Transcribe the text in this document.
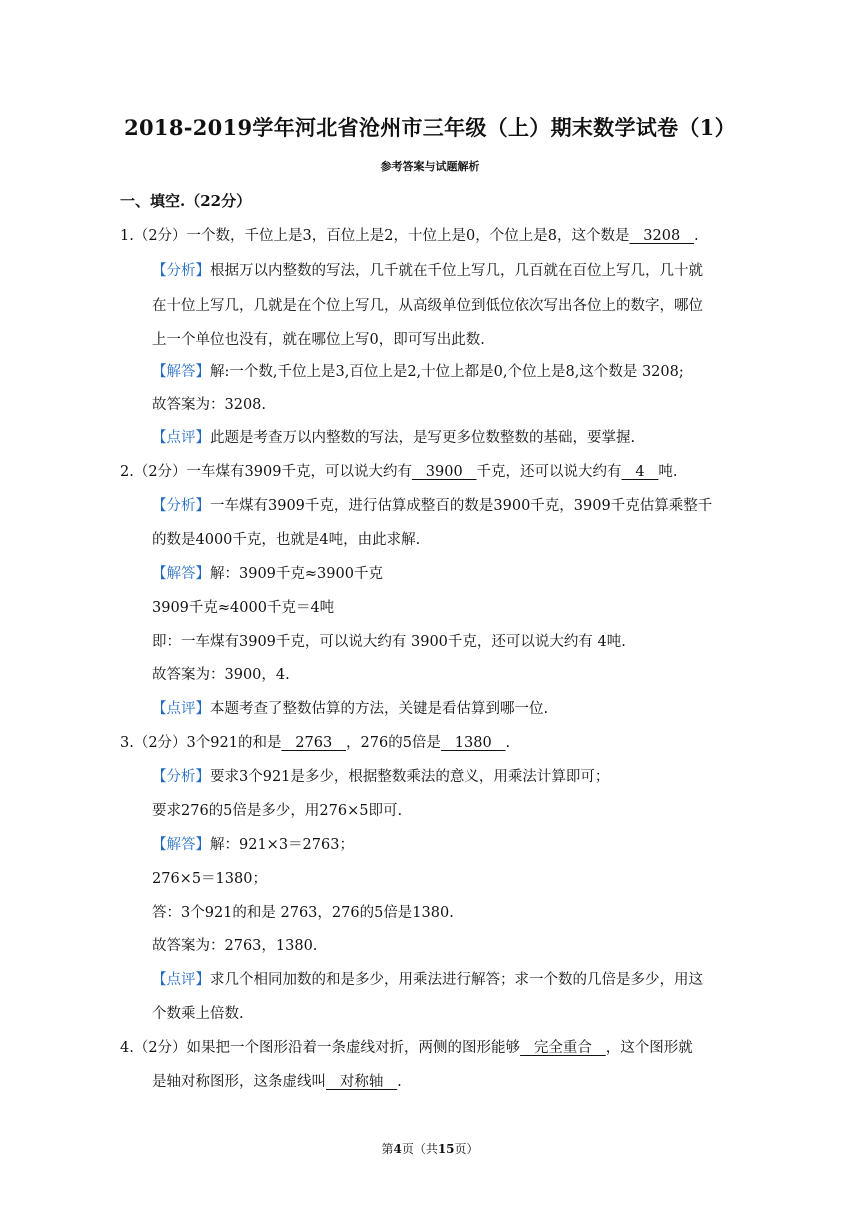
2018-2019学年河北省沧州市三年级（上）期末数学试卷（1）
参考答案与试题解析
一、填空.（22分）
1.（2分）一个数，千位上是3，百位上是2，十位上是0，个位上是8，这个数是   3208   .
【分析】根据万以内整数的写法，几千就在千位上写几，几百就在百位上写几，几十就
在十位上写几，几就是在个位上写几，从高级单位到低位依次写出各位上的数字，哪位
上一个单位也没有，就在哪位上写0，即可写出此数.
【解答】解:一个数,千位上是3,百位上是2,十位上都是0,个位上是8,这个数是 3208;
故答案为：3208.
【点评】此题是考查万以内整数的写法，是写更多位数整数的基础，要掌握.
2.（2分）一车煤有3909千克，可以说大约有   3900   千克，还可以说大约有   4   吨.
【分析】一车煤有3909千克，进行估算成整百的数是3900千克，3909千克估算乘整千
的数是4000千克，也就是4吨，由此求解.
【解答】解：3909千克≈3900千克
3909千克≈4000千克＝4吨
即：一车煤有3909千克，可以说大约有 3900千克，还可以说大约有 4吨.
故答案为：3900，4.
【点评】本题考查了整数估算的方法，关键是看估算到哪一位.
3.（2分）3个921的和是   2763   ，276的5倍是   1380   .
【分析】要求3个921是多少，根据整数乘法的意义，用乘法计算即可；
要求276的5倍是多少，用276×5即可.
【解答】解：921×3＝2763；
276×5＝1380；
答：3个921的和是 2763，276的5倍是1380.
故答案为：2763，1380.
【点评】求几个相同加数的和是多少，用乘法进行解答；求一个数的几倍是多少，用这
个数乘上倍数.
4.（2分）如果把一个图形沿着一条虚线对折，两侧的图形能够   完全重合   ，这个图形就
是轴对称图形，这条虚线叫   对称轴   .
第4页（共15页）
